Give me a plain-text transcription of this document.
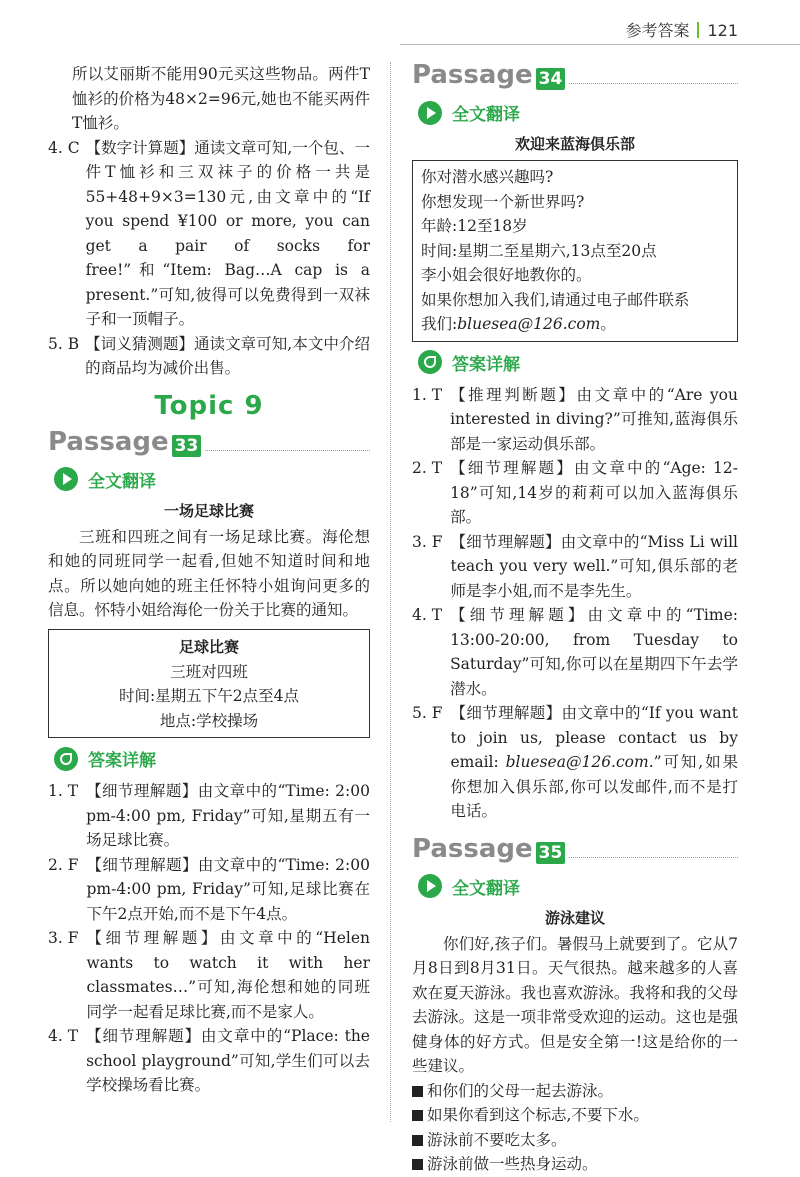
参考答案 121

所以艾丽斯不能用90元买这些物品。两件T恤衫的价格为48×2=96元,她也不能买两件T恤衫。

4. C 【数字计算题】通读文章可知,一个包、一件T恤衫和三双袜子的价格一共是55+48+9×3=130元,由文章中的“If you spend ¥100 or more, you can get a pair of socks for free!”和“Item: Bag…A cap is a present.”可知,彼得可以免费得到一双袜子和一顶帽子。
5. B 【词义猜测题】通读文章可知,本文中介绍的商品均为减价出售。
Topic 9
Passage 33
全文翻译
一场足球比赛

三班和四班之间有一场足球比赛。海伦想和她的同班同学一起看,但她不知道时间和地点。所以她向她的班主任怀特小姐询问更多的信息。怀特小姐给海伦一份关于比赛的通知。

足球比赛

三班对四班

时间:星期五下午2点至4点

地点:学校操场

答案详解
1. T 【细节理解题】由文章中的“Time: 2:00 pm-4:00 pm, Friday”可知,星期五有一场足球比赛。
2. F 【细节理解题】由文章中的“Time: 2:00 pm-4:00 pm, Friday”可知,足球比赛在下午2点开始,而不是下午4点。
3. F 【细节理解题】由文章中的“Helen wants to watch it with her classmates…”可知,海伦想和她的同班同学一起看足球比赛,而不是家人。
4. T 【细节理解题】由文章中的“Place: the school playground”可知,学生们可以去学校操场看比赛。
Passage 34
全文翻译
欢迎来蓝海俱乐部

你对潜水感兴趣吗?

你想发现一个新世界吗?

年龄:12至18岁

时间:星期二至星期六,13点至20点

李小姐会很好地教你的。

如果你想加入我们,请通过电子邮件联系

我们:bluesea@126.com。

答案详解
1. T 【推理判断题】由文章中的“Are you interested in diving?”可推知,蓝海俱乐部是一家运动俱乐部。
2. T 【细节理解题】由文章中的“Age: 12-18”可知,14岁的莉莉可以加入蓝海俱乐部。
3. F 【细节理解题】由文章中的“Miss Li will teach you very well.”可知,俱乐部的老师是李小姐,而不是李先生。
4. T 【细节理解题】由文章中的“Time: 13:00-20:00, from Tuesday to Saturday”可知,你可以在星期四下午去学潜水。
5. F 【细节理解题】由文章中的“If you want to join us, please contact us by email: bluesea@126.com.”可知,如果你想加入俱乐部,你可以发邮件,而不是打电话。
Passage 35
全文翻译
游泳建议

你们好,孩子们。暑假马上就要到了。它从7月8日到8月31日。天气很热。越来越多的人喜欢在夏天游泳。我也喜欢游泳。我将和我的父母去游泳。这是一项非常受欢迎的运动。这也是强健身体的好方式。但是安全第一!这是给你的一些建议。

和你们的父母一起去游泳。
如果你看到这个标志,不要下水。
游泳前不要吃太多。
游泳前做一些热身运动。
